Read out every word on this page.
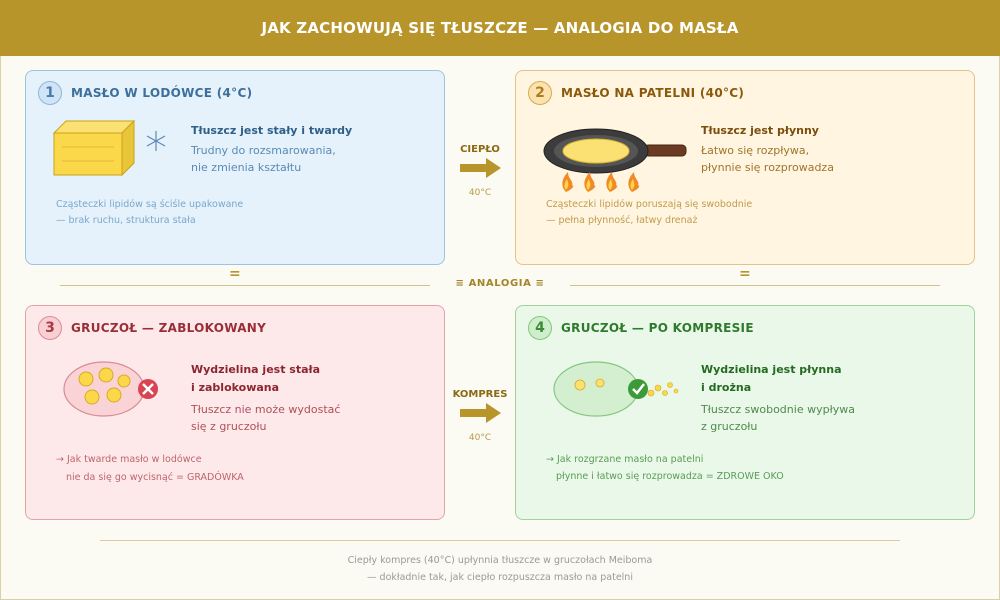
JAK ZACHOWUJĄ SIĘ TŁUSZCZE — ANALOGIA DO MASŁA
1	MASŁO W LODÓWCE (4°C)
Tłuszcz jest stały i twardy
Trudny do rozsmarowania,
nie zmienia kształtu
Cząsteczki lipidów są ściśle upakowane
— brak ruchu, struktura stała
2	MASŁO NA PATELNI (40°C)
Tłuszcz jest płynny
Łatwo się rozpływa,
płynnie się rozprowadza
Cząsteczki lipidów poruszają się swobodnie
— pełna płynność, łatwy drenaż
CIEPŁO
40°C
=	=
≡ ANALOGIA ≡
3	GRUCZOŁ — ZABLOKOWANY
Wydzielina jest stała
i zablokowana
Tłuszcz nie może wydostać
się z gruczołu
→ Jak twarde masło w lodówce
nie da się go wycisnąć = GRADÓWKA
KOMPRES
40°C
4	GRUCZOŁ — PO KOMPRESIE
Wydzielina jest płynna
i drożna
Tłuszcz swobodnie wypływa
z gruczołu
→ Jak rozgrzane masło na patelni
płynne i łatwo się rozprowadza = ZDROWE OKO
Ciepły kompres (40°C) upłynnia tłuszcze w gruczołach Meiboma
— dokładnie tak, jak ciepło rozpuszcza masło na patelni
